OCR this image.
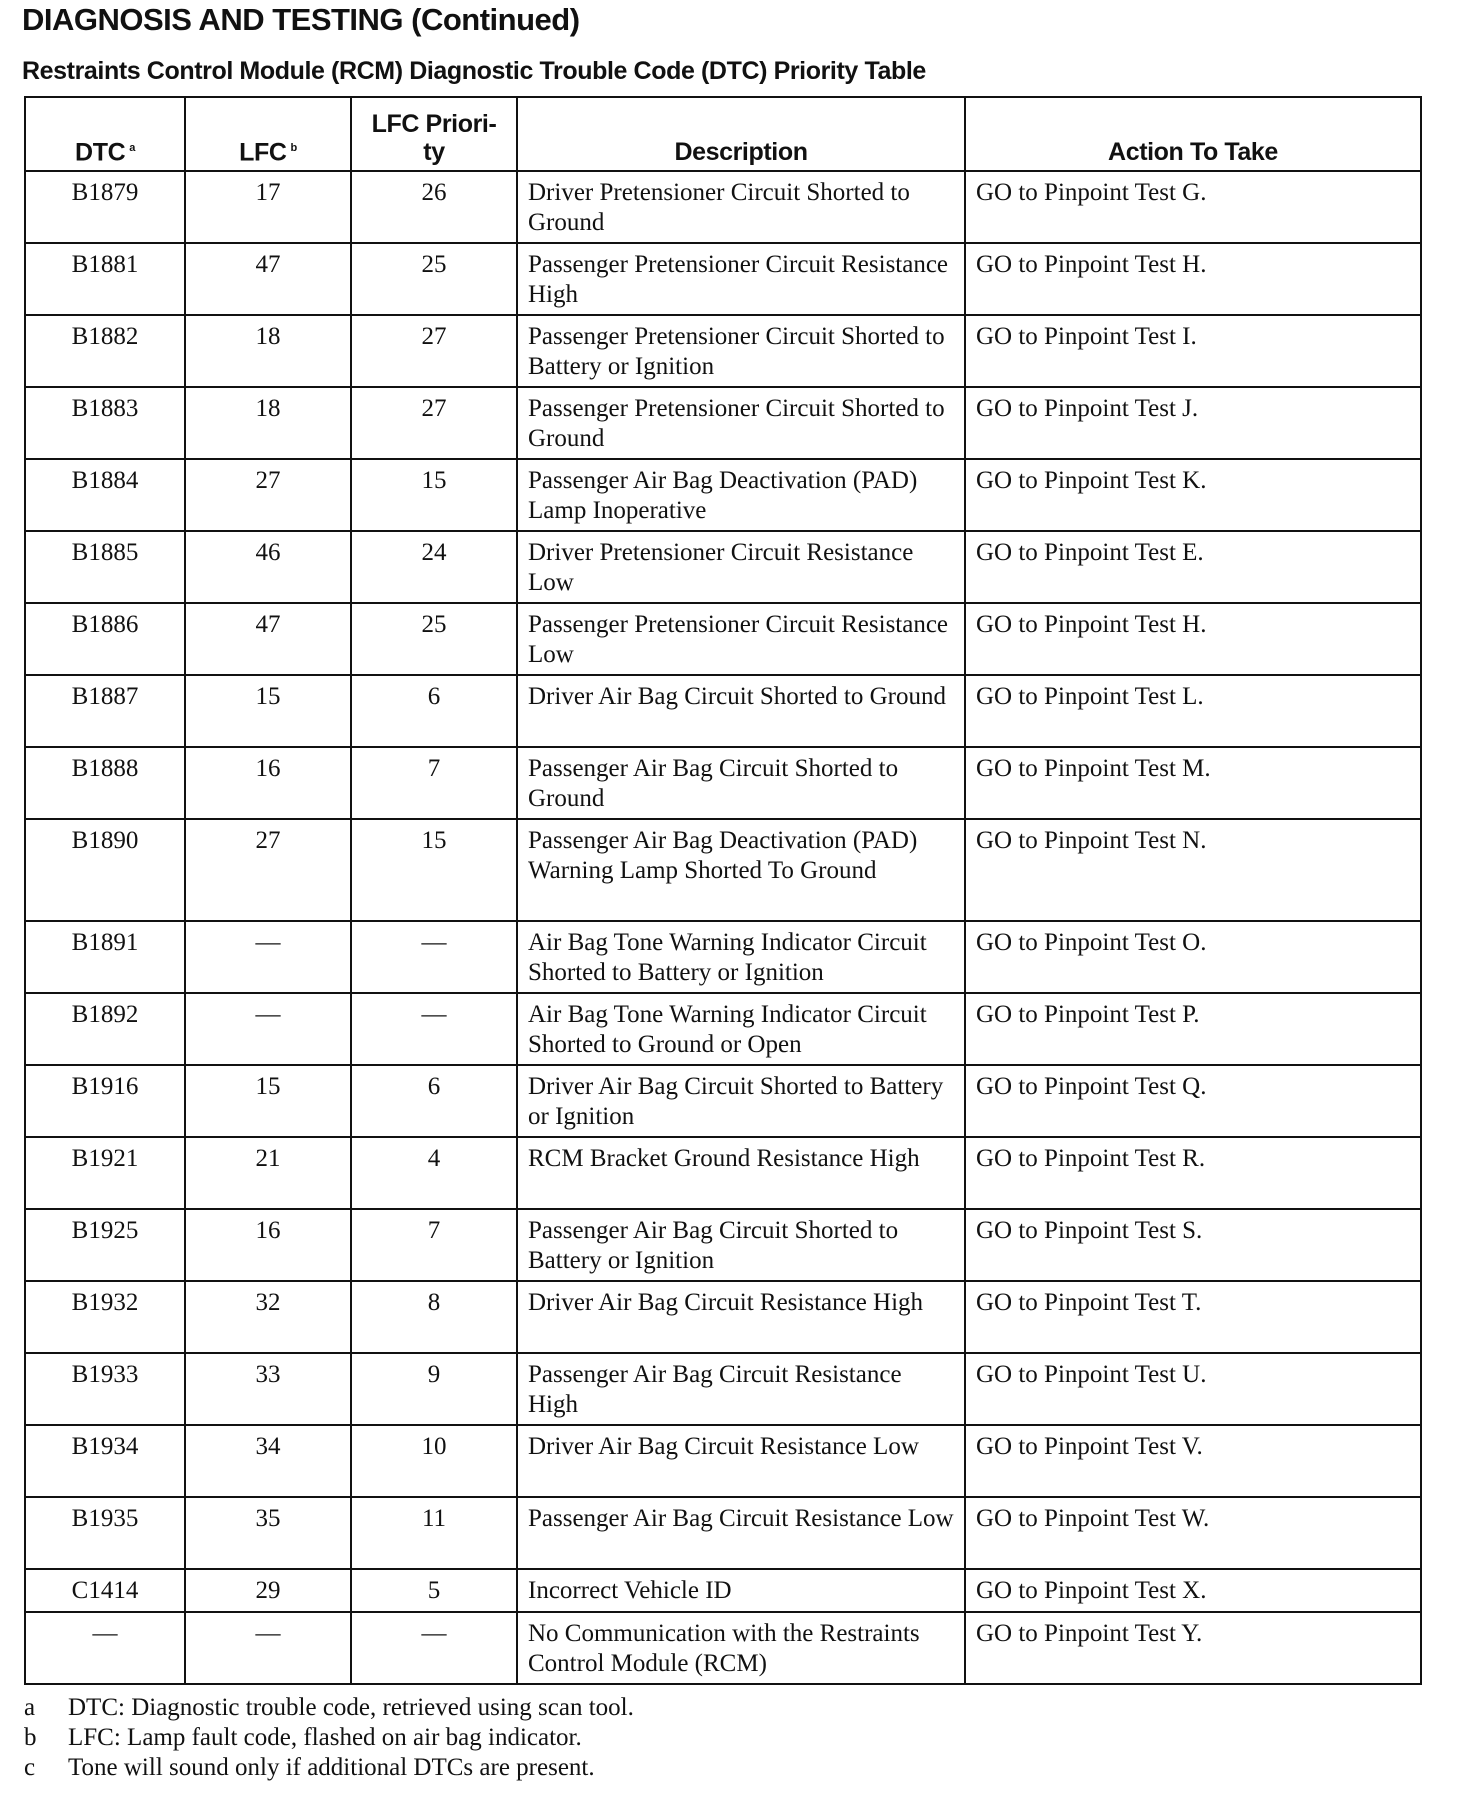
DIAGNOSIS AND TESTING (Continued)
Restraints Control Module (RCM) Diagnostic Trouble Code (DTC) Priority Table
DTC $^a$	LFC $^b$	LFC Priori- ty	Description	Action To Take
B1879	17	26	Driver Pretensioner Circuit Shorted to Ground	GO to Pinpoint Test G.
B1881	47	25	Passenger Pretensioner Circuit Resistance High	GO to Pinpoint Test H.
B1882	18	27	Passenger Pretensioner Circuit Shorted to Battery or Ignition	GO to Pinpoint Test I.
B1883	18	27	Passenger Pretensioner Circuit Shorted to Ground	GO to Pinpoint Test J.
B1884	27	15	Passenger Air Bag Deactivation (PAD) Lamp Inoperative	GO to Pinpoint Test K.
B1885	46	24	Driver Pretensioner Circuit Resistance Low	GO to Pinpoint Test E.
B1886	47	25	Passenger Pretensioner Circuit Resistance Low	GO to Pinpoint Test H.
B1887	15	6	Driver Air Bag Circuit Shorted to Ground	GO to Pinpoint Test L.
B1888	16	7	Passenger Air Bag Circuit Shorted to Ground	GO to Pinpoint Test M.
B1890	27	15	Passenger Air Bag Deactivation (PAD) Warning Lamp Shorted To Ground	GO to Pinpoint Test N.
B1891	—	—	Air Bag Tone Warning Indicator Circuit Shorted to Battery or Ignition	GO to Pinpoint Test O.
B1892	—	—	Air Bag Tone Warning Indicator Circuit Shorted to Ground or Open	GO to Pinpoint Test P.
B1916	15	6	Driver Air Bag Circuit Shorted to Battery or Ignition	GO to Pinpoint Test Q.
B1921	21	4	RCM Bracket Ground Resistance High	GO to Pinpoint Test R.
B1925	16	7	Passenger Air Bag Circuit Shorted to Battery or Ignition	GO to Pinpoint Test S.
B1932	32	8	Driver Air Bag Circuit Resistance High	GO to Pinpoint Test T.
B1933	33	9	Passenger Air Bag Circuit Resistance High	GO to Pinpoint Test U.
B1934	34	10	Driver Air Bag Circuit Resistance Low	GO to Pinpoint Test V.
B1935	35	11	Passenger Air Bag Circuit Resistance Low	GO to Pinpoint Test W.
C1414	29	5	Incorrect Vehicle ID	GO to Pinpoint Test X.
—	—	—	No Communication with the Restraints Control Module (RCM)	GO to Pinpoint Test Y.
a	DTC: Diagnostic trouble code, retrieved using scan tool.
b	LFC: Lamp fault code, flashed on air bag indicator.
c	Tone will sound only if additional DTCs are present.
